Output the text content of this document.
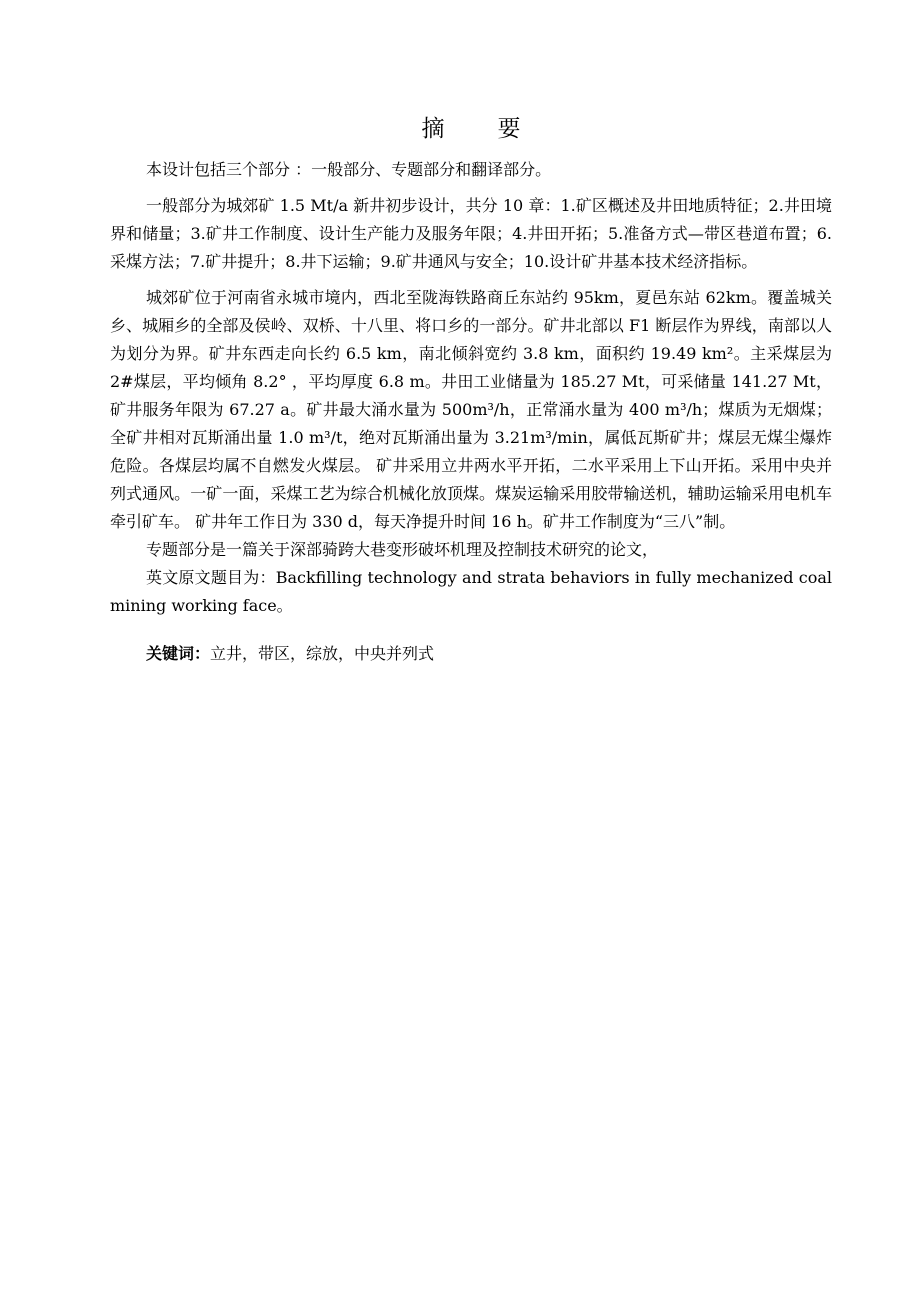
摘　要

本设计包括三个部分 ：一般部分、专题部分和翻译部分。

一般部分为城郊矿 1.5 Mt/a 新井初步设计，共分 10 章：1.矿区概述及井田地质特征；2.井田境界和储量；3.矿井工作制度、设计生产能力及服务年限；4.井田开拓；5.准备方式—带区巷道布置；6.采煤方法；7.矿井提升；8.井下运输；9.矿井通风与安全；10.设计矿井基本技术经济指标。

城郊矿位于河南省永城市境内，西北至陇海铁路商丘东站约 95km，夏邑东站 62km。覆盖城关乡、城厢乡的全部及侯岭、双桥、十八里、将口乡的一部分。矿井北部以 F1 断层作为界线，南部以人为划分为界。矿井东西走向长约 6.5 km，南北倾斜宽约 3.8 km，面积约 19.49 km²。主采煤层为 2#煤层，平均倾角 8.2° ，平均厚度 6.8 m。井田工业储量为 185.27 Mt，可采储量 141.27 Mt，矿井服务年限为 67.27 a。矿井最大涌水量为 500m³/h，正常涌水量为 400 m³/h；煤质为无烟煤；全矿井相对瓦斯涌出量 1.0 m³/t，绝对瓦斯涌出量为 3.21m³/min，属低瓦斯矿井；煤层无煤尘爆炸危险。各煤层均属不自燃发火煤层。 矿井采用立井两水平开拓，二水平采用上下山开拓。采用中央并列式通风。一矿一面，采煤工艺为综合机械化放顶煤。煤炭运输采用胶带输送机，辅助运输采用电机车牵引矿车。 矿井年工作日为 330 d，每天净提升时间 16 h。矿井工作制度为“三八”制。

专题部分是一篇关于深部骑跨大巷变形破坏机理及控制技术研究的论文，

英文原文题目为：Backfilling technology and strata behaviors in fully mechanized coal mining working face。

关键词：立井，带区，综放，中央并列式
